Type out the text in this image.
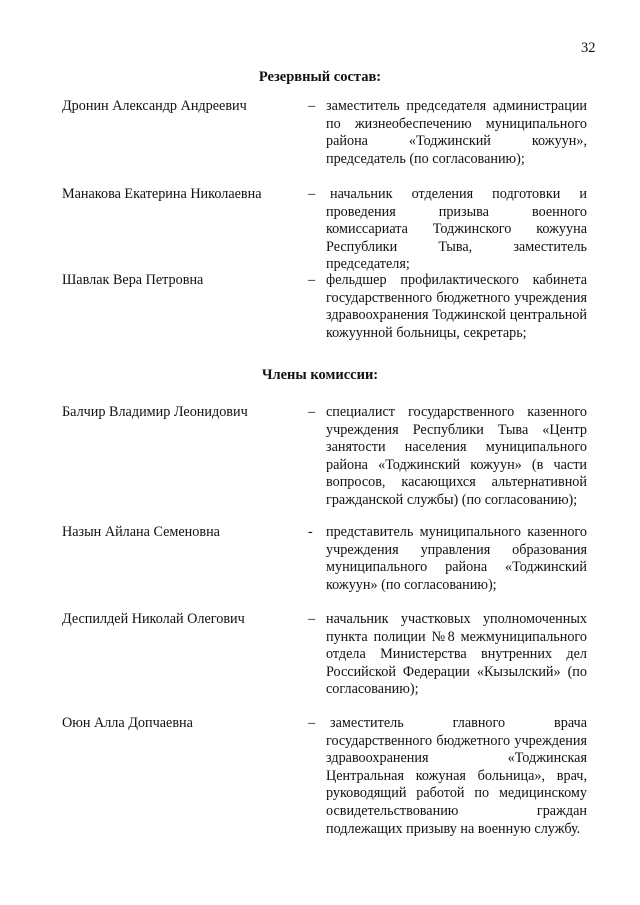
32
Резервный состав:
Дронин Александр Андреевич	– заместитель председателя администрации по жизнеобеспечению муниципального района «Тоджинский кожуун», председатель (по согласованию);
Манакова Екатерина Николаевна	– начальник отделения подготовки и проведения призыва военного комиссариата Тоджинского кожууна Республики Тыва, заместитель председателя;
Шавлак Вера Петровна	– фельдшер профилактического кабинета государственного бюджетного учреждения здравоохранения Тоджинской центральной кожуунной больницы, секретарь;
Члены комиссии:
Балчир Владимир Леонидович	– специалист государственного казенного учреждения Республики Тыва «Центр занятости населения муниципального района «Тоджинский кожуун» (в части вопросов, касающихся альтернативной гражданской службы) (по согласованию);
Назын Айлана Семеновна	- представитель муниципального казенного учреждения управления образования муниципального района «Тоджинский кожуун» (по согласованию);
Деспилдей Николай Олегович	– начальник участковых уполномоченных пункта полиции №8 межмуниципального отдела Министерства внутренних дел Российской Федерации «Кызылский» (по согласованию);
Оюн Алла Допчаевна	– заместитель главного врача государственного бюджетного учреждения здравоохранения «Тоджинская Центральная кожуная больница», врач, руководящий работой по медицинскому освидетельствованию граждан подлежащих призыву на военную службу.
